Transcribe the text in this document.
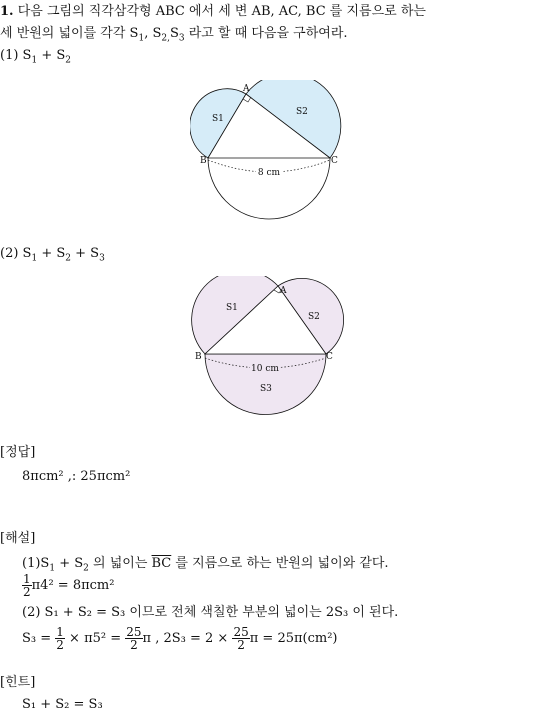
1. 다음 그림의 직각삼각형 ABC 에서 세 변 AB, AC, BC 를 지름으로 하는
세 반원의 넓이를 각각 $S_1$, $S_{2,}S_3$ 라고 할 때 다음을 구하여라.
(1) $S_1 + S_2$
8 cm
A
B	C
S1
S2
(2) $S_1 + S_2 + S_3$
10 cm
A
B	C
S1
S2
S3
[정답]
8πcm² ,: 25πcm²
[해설]
$(1)S_1 + S_2$ 의 넓이는 $\overline{BC}$ 를 지름으로 하는 반원의 넓이와 같다.
$\frac{1}{2} \pi 4^2 = 8\pi cm^2$
(2) S₁ + S₂ = S₃ 이므로 전체 색칠한 부분의 넓이는 2S₃ 이 된다.
$S_3 = \frac{1}{2} \times \pi 5^2 = \frac{25}{2}$ π , $2S_3 = 2 \times \frac{25}{2}$ π = 25π(cm²)
[힌트]
S₁ + S₂ = S₃
